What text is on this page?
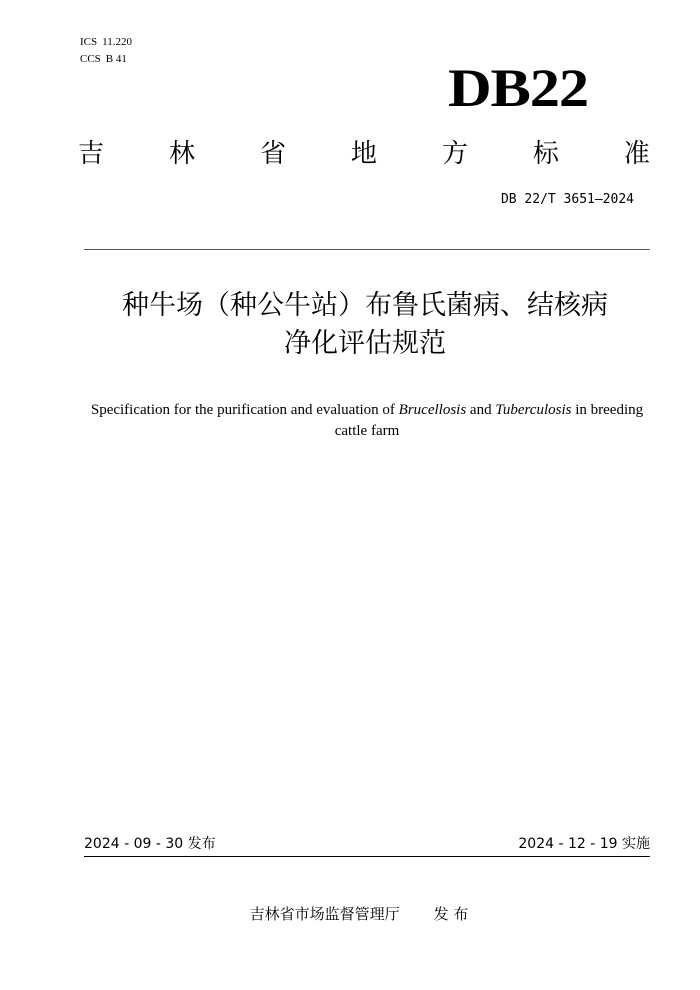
ICS 11.220
CCS B 41	DB22
吉 林 省 地 方 标 准
DB 22/T 3651—2024
种牛场（种公牛站）布鲁氏菌病、结核病
净化评估规范
Specification for the purification and evaluation of Brucellosis and Tuberculosis in breeding cattle farm
2024 - 09 - 30 发布	2024 - 12 - 19 实施
吉林省市场监督管理厅 发 布
